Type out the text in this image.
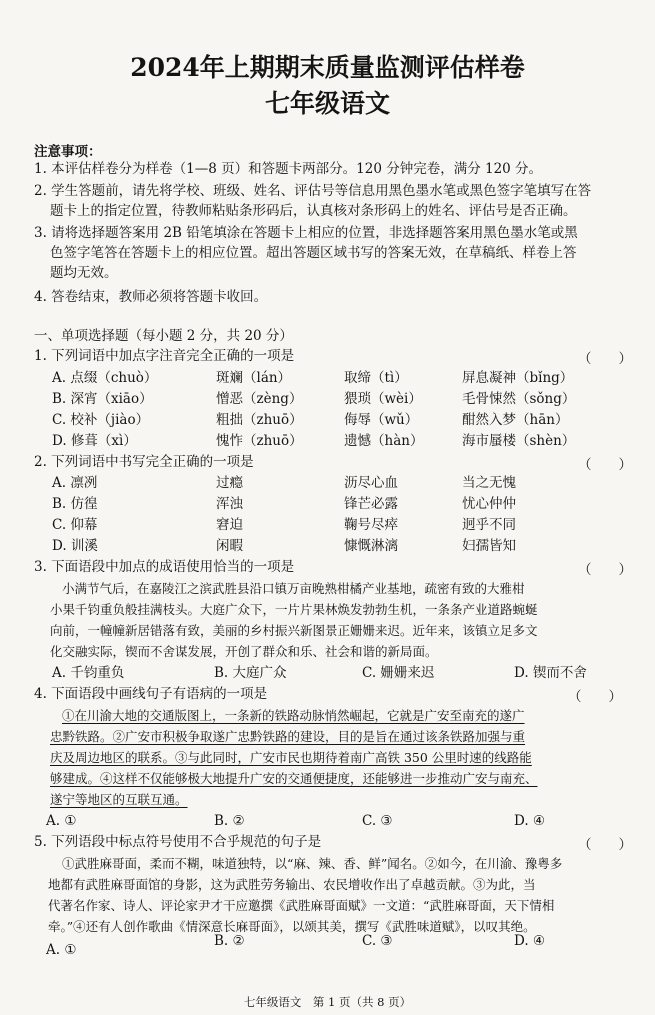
2024年上期期末质量监测评估样卷
七年级语文
注意事项：
1. 本评估样卷分为样卷（1—8 页）和答题卡两部分。120 分钟完卷，满分 120 分。
2. 学生答题前，请先将学校、班级、姓名、评估号等信息用黑色墨水笔或黑色签字笔填写在答
题卡上的指定位置，待教师粘贴条形码后，认真核对条形码上的姓名、评估号是否正确。
3. 请将选择题答案用 2B 铅笔填涂在答题卡上相应的位置，非选择题答案用黑色墨水笔或黑
色签字笔答在答题卡上的相应位置。超出答题区域书写的答案无效，在草稿纸、样卷上答
题均无效。
4. 答卷结束，教师必须将答题卡收回。
一、单项选择题（每小题 2 分，共 20 分）
1. 下列词语中加点字注音完全正确的一项是	（　　）
A. 点缀（chuò）	斑斓（lán）	取缔（tì）	屏息凝神（bǐng）
B. 深宵（xiāo）	憎恶（zèng）	猥琐（wèi）	毛骨悚然（sǒng）
C. 校补（jiào）	粗拙（zhuō）	侮辱（wǔ）	酣然入梦（hān）
D. 修葺（xì）	愧怍（zhuō）	遗憾（hàn）	海市蜃楼（shèn）
2. 下列词语中书写完全正确的一项是	（　　）
A. 凛冽	过瘾	沥尽心血	当之无愧
B. 仿徨	浑浊	锋芒必露	忧心仲仲
C. 仰幕	窘迫	鞠号尽瘁	迥乎不同
D. 训溪	闲暇	慷慨淋漓	妇孺皆知
3. 下面语段中加点的成语使用恰当的一项是	（　　）
小满节气后，在嘉陵江之滨武胜县沿口镇万亩晚熟柑橘产业基地，疏密有致的大雅柑
小果千钧重负般挂满枝头。大庭广众下，一片片果林焕发勃勃生机，一条条产业道路蜿蜒
向前，一幢幢新居错落有致，美丽的乡村振兴新图景正姗姗来迟。近年来，该镇立足多文
化交融实际，锲而不舍谋发展，开创了群众和乐、社会和谐的新局面。
A. 千钧重负	B. 大庭广众	C. 姗姗来迟	D. 锲而不舍
4. 下面语段中画线句子有语病的一项是	（　　）
①在川渝大地的交通版图上，一条新的铁路动脉悄然崛起，它就是广安至南充的遂广
忠黔铁路。②广安市积极争取遂广忠黔铁路的建设，目的是旨在通过该条铁路加强与重
庆及周边地区的联系。③与此同时，广安市民也期待着南广高铁 350 公里时速的线路能
够建成。④这样不仅能够极大地提升广安的交通便捷度，还能够进一步推动广安与南充、
遂宁等地区的互联互通。
A. ①	B. ②	C. ③	D. ④
5. 下列语段中标点符号使用不合乎规范的句子是	（　　）
①武胜麻哥面，柔而不糊，味道独特，以“麻、辣、香、鲜”闻名。②如今，在川渝、豫粤多
地都有武胜麻哥面馆的身影，这为武胜劳务输出、农民增收作出了卓越贡献。③为此，当
代著名作家、诗人、评论家尹才干应邀撰《武胜麻哥面赋》一文道：“武胜麻哥面，天下情相
牵。”④还有人创作歌曲《情深意长麻哥面》，以颂其美，撰写《武胜味道赋》，以叹其绝。
A. ①
B. ②	C. ③	D. ④
七年级语文　第 1 页（共 8 页）
